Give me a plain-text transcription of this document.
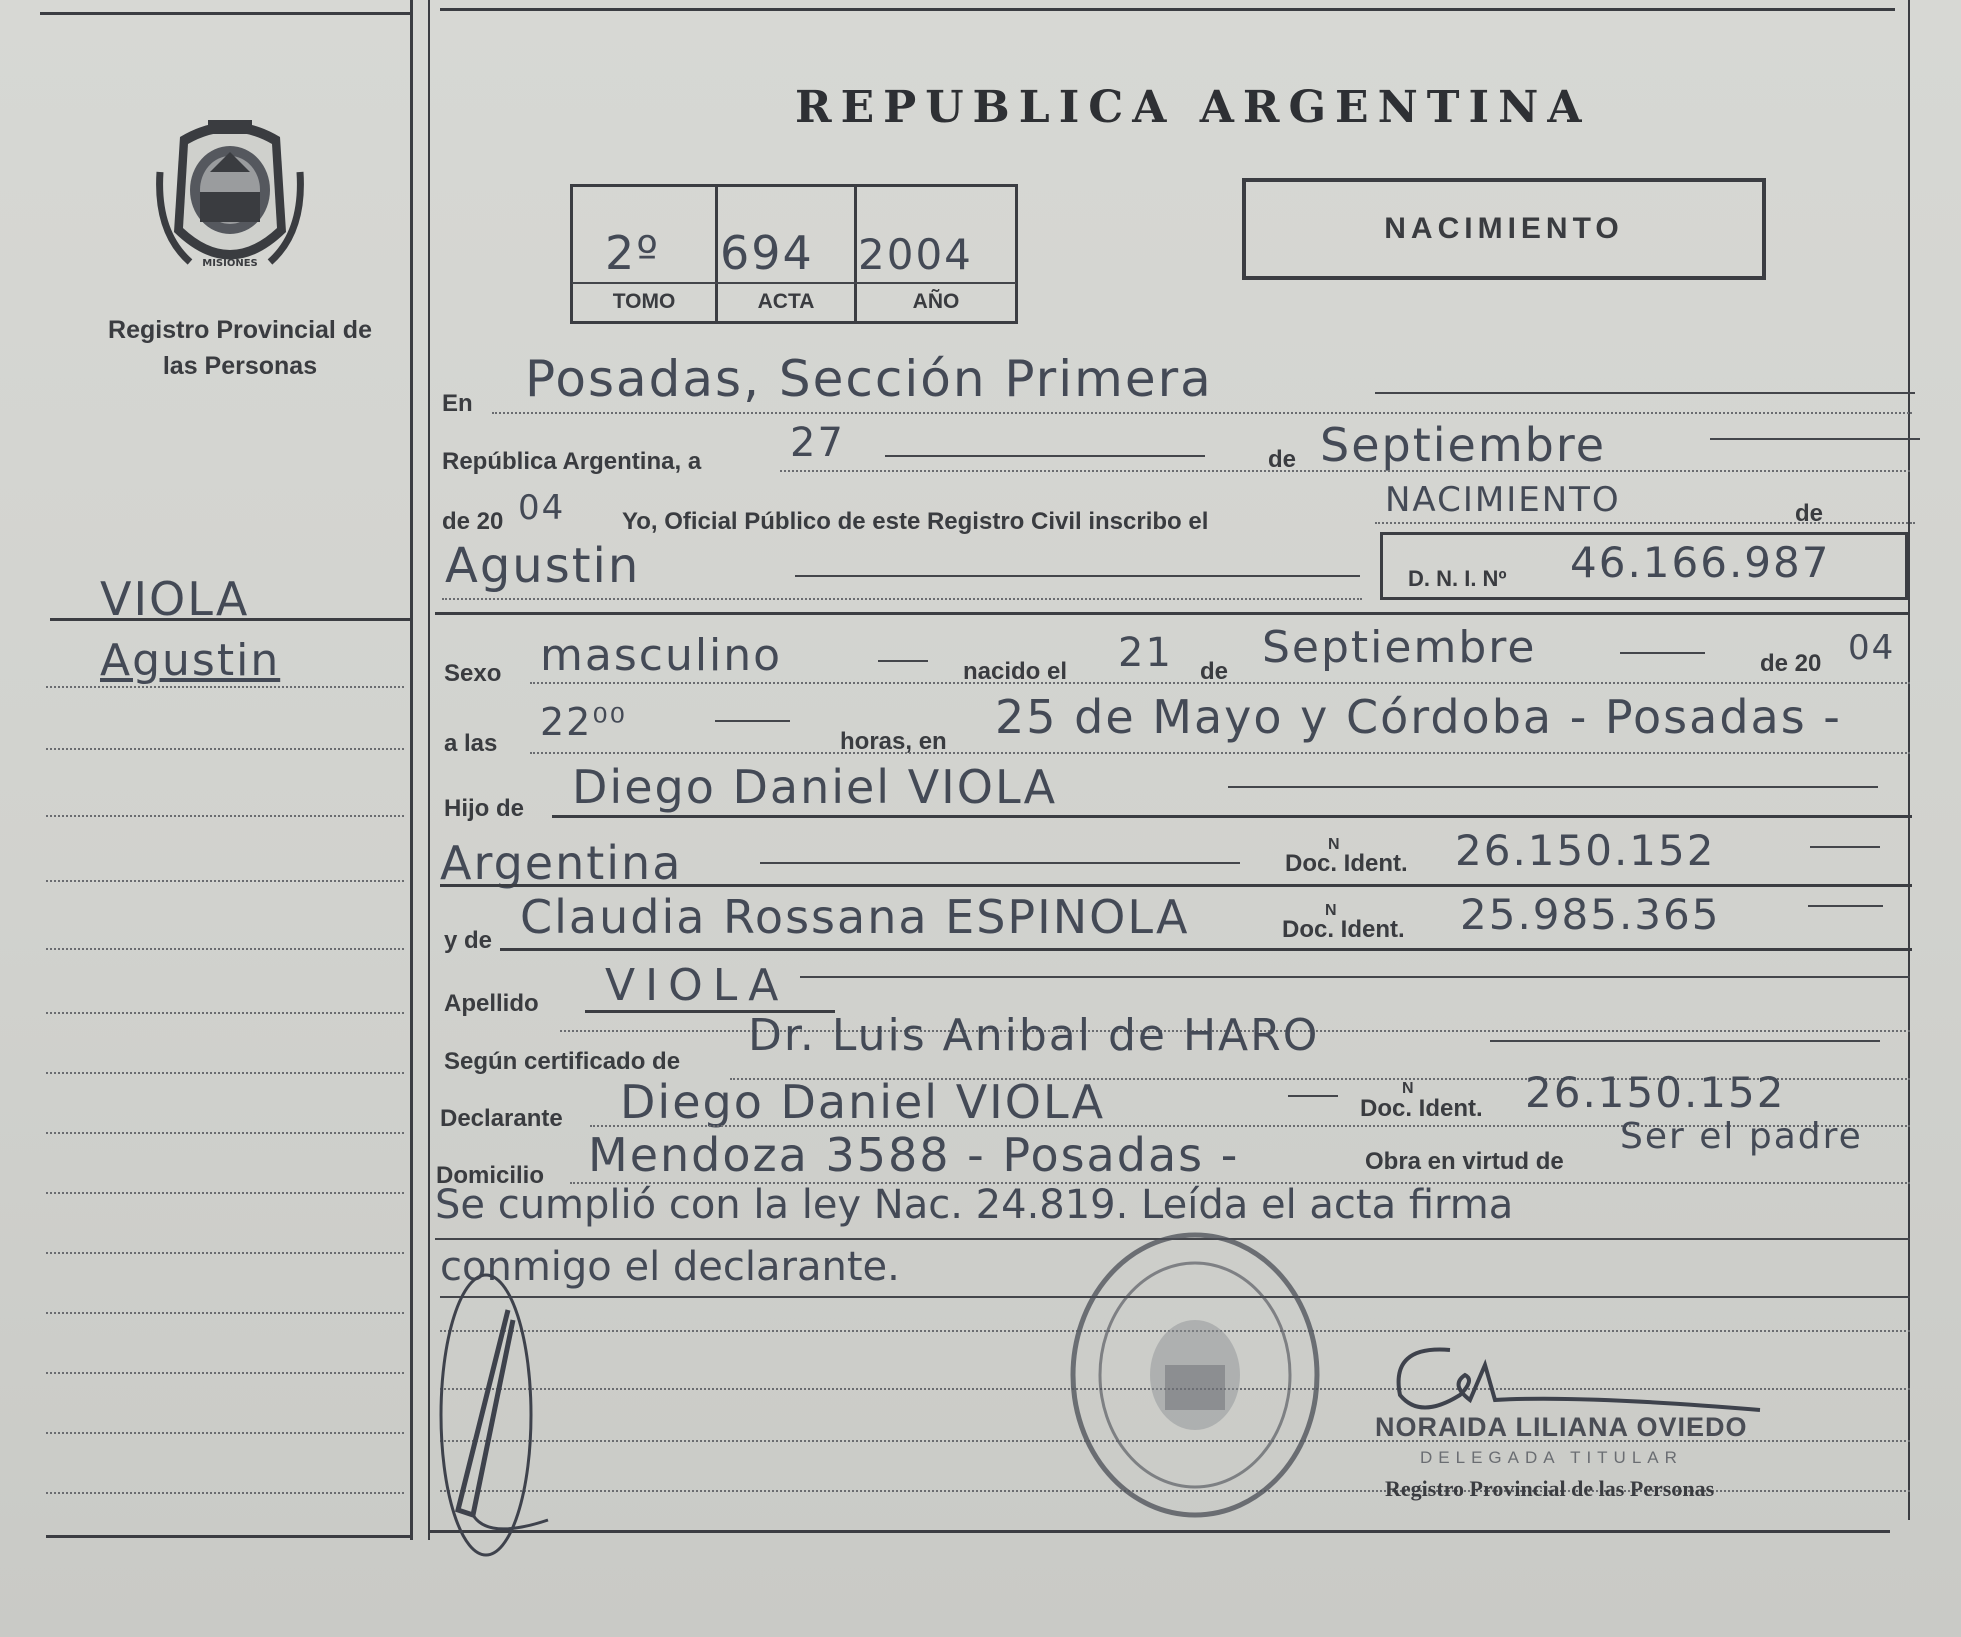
MISIONES
Registro Provincial de las Personas
VIOLA
Agustin
REPUBLICA ARGENTINA
2º 694 2004
TOMO	ACTA	AÑO
NACIMIENTO
En Posadas, Sección Primera
República Argentina, a 27	de Septiembre
de 20 04 Yo, Oficial Público de este Registro Civil inscribo el
NACIMIENTO	de
Agustin	D. N. I. Nº 46.166.987
Sexo masculino	nacido el 21 de Septiembre	de 20 04
a las 22⁰⁰	horas, en 25 de Mayo y Córdoba - Posadas -
Hijo de Diego Daniel VIOLA
Argentina	Doc. Ident.
N	26.150.152
y de Claudia Rossana ESPINOLA	Doc. Ident.
N	25.985.365
Apellido VIOLA
Según certificado de
Dr. Luis Anibal de HARO
Declarante Diego Daniel VIOLA	Doc. Ident.
N	26.150.152
Domicilio Mendoza 3588 - Posadas -	Obra en virtud de
Ser el padre
Se cumplió con la ley Nac. 24.819. Leída el acta firma
conmigo el declarante.
NORAIDA LILIANA OVIEDO
DELEGADA TITULAR
Registro Provincial de las Personas
